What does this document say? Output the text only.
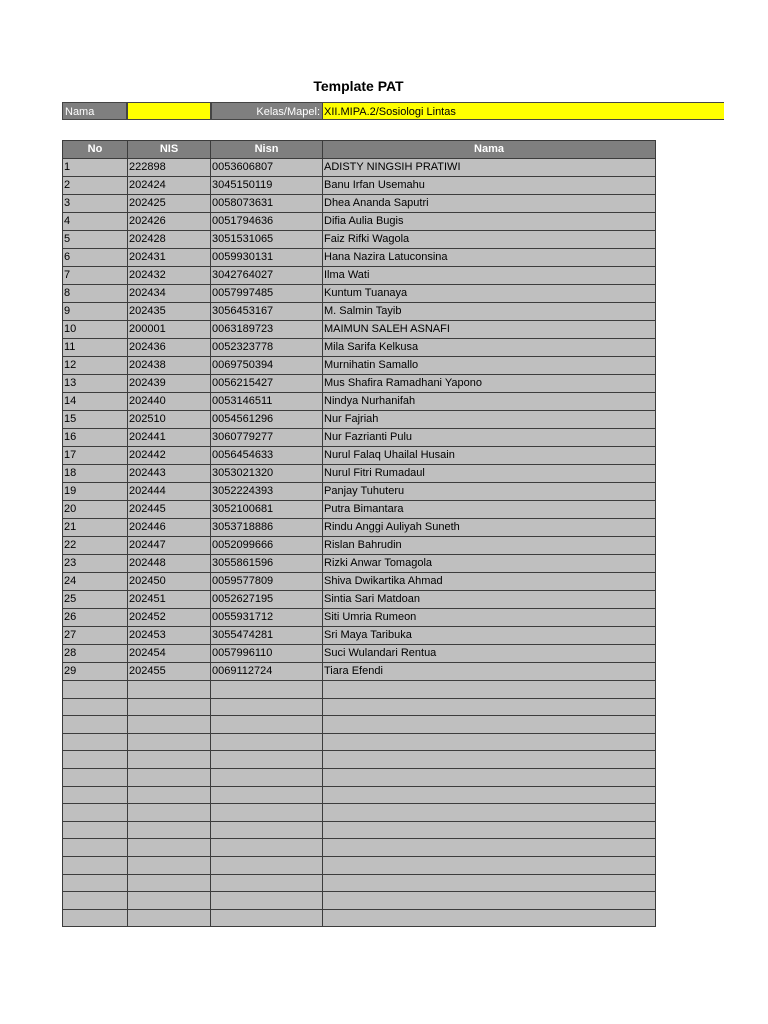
Template PAT
Nama	Kelas/Mapel: XII.MIPA.2/Sosiologi Lintas
No	NIS	Nisn	Nama
1	222898	0053606807	ADISTY NINGSIH PRATIWI
2	202424	3045150119	Banu Irfan Usemahu
3	202425	0058073631	Dhea Ananda Saputri
4	202426	0051794636	Difia Aulia Bugis
5	202428	3051531065	Faiz Rifki Wagola
6	202431	0059930131	Hana Nazira Latuconsina
7	202432	3042764027	Ilma Wati
8	202434	0057997485	Kuntum Tuanaya
9	202435	3056453167	M. Salmin Tayib
10	200001	0063189723	MAIMUN SALEH ASNAFI
11	202436	0052323778	Mila Sarifa Kelkusa
12	202438	0069750394	Murnihatin Samallo
13	202439	0056215427	Mus Shafira Ramadhani Yapono
14	202440	0053146511	Nindya Nurhanifah
15	202510	0054561296	Nur Fajriah
16	202441	3060779277	Nur Fazrianti Pulu
17	202442	0056454633	Nurul Falaq Uhailal Husain
18	202443	3053021320	Nurul Fitri Rumadaul
19	202444	3052224393	Panjay Tuhuteru
20	202445	3052100681	Putra Bimantara
21	202446	3053718886	Rindu Anggi Auliyah Suneth
22	202447	0052099666	Rislan Bahrudin
23	202448	3055861596	Rizki Anwar Tomagola
24	202450	0059577809	Shiva Dwikartika Ahmad
25	202451	0052627195	Sintia Sari Matdoan
26	202452	0055931712	Siti Umria Rumeon
27	202453	3055474281	Sri Maya Taribuka
28	202454	0057996110	Suci Wulandari Rentua
29	202455	0069112724	Tiara Efendi
